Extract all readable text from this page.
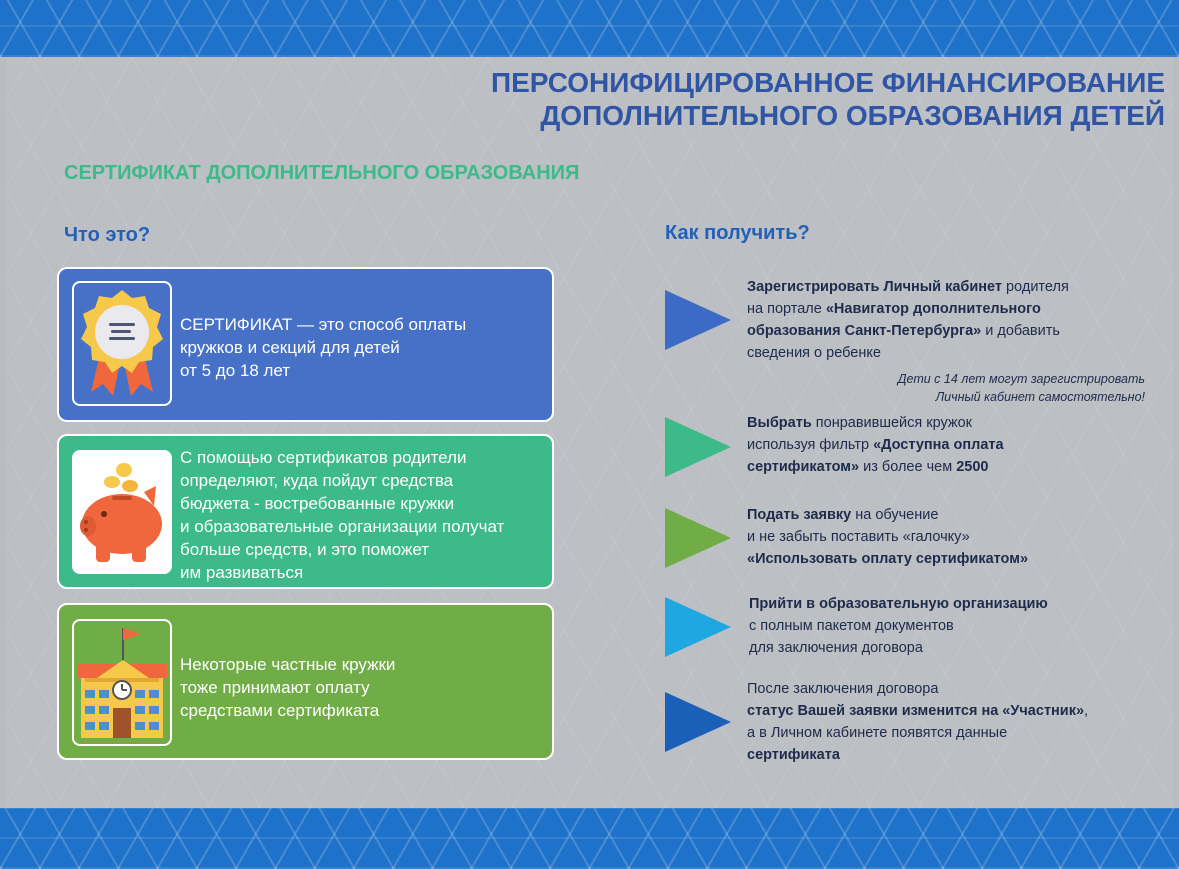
ПЕРСОНИФИЦИРОВАННОЕ ФИНАНСИРОВАНИЕ
ДОПОЛНИТЕЛЬНОГО ОБРАЗОВАНИЯ ДЕТЕЙ
СЕРТИФИКАТ ДОПОЛНИТЕЛЬНОГО ОБРАЗОВАНИЯ
Что это?	Как получить?

СЕРТИФИКАТ — это способ оплаты
кружков и секций для детей
от 5 до 18 лет

С помощью сертификатов родители
определяют, куда пойдут средства
бюджета - востребованные кружки
и образовательные организации получат
больше средств, и это поможет
им развиваться

Некоторые частные кружки
тоже принимают оплату
средствами сертификата

Зарегистрировать Личный кабинет родителя
на портале «Навигатор дополнительного
образования Санкт-Петербурга» и добавить
сведения о ребенке

Дети с 14 лет могут зарегистрировать
Личный кабинет самостоятельно!

Выбрать понравившейся кружок
используя фильтр «Доступна оплата
сертификатом» из более чем 2500

Подать заявку на обучение
и не забыть поставить «галочку»
«Использовать оплату сертификатом»

Прийти в образовательную организацию
с полным пакетом документов
для заключения договора

После заключения договора
статус Вашей заявки изменится на «Участник»,
а в Личном кабинете появятся данные
сертификата
